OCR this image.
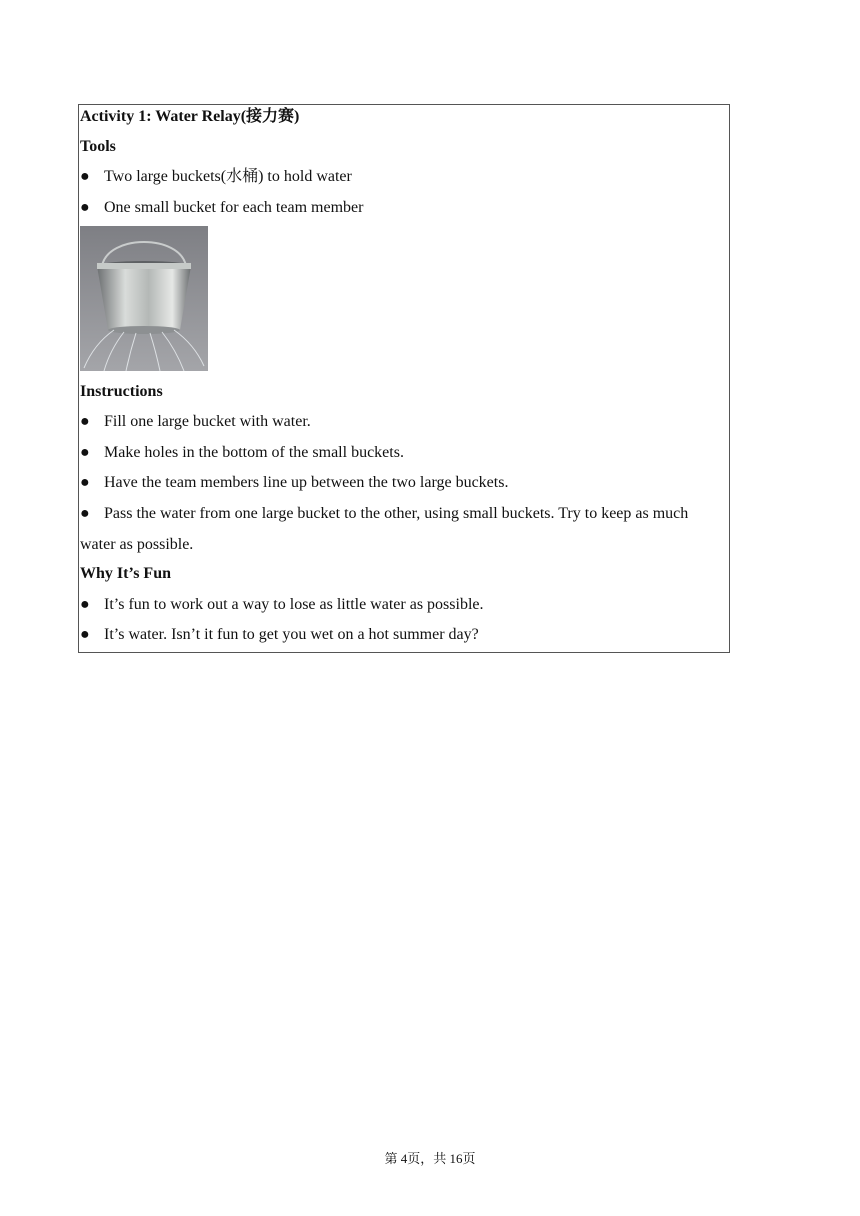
Activity 1: Water Relay(接力赛)
Tools
● Two large buckets(水桶) to hold water
● One small bucket for each team member
Instructions
● Fill one large bucket with water.
● Make holes in the bottom of the small buckets.
● Have the team members line up between the two large buckets.
● Pass the water from one large bucket to the other, using small buckets. Try to keep as much
water as possible.
Why It’s Fun
● It’s fun to work out a way to lose as little water as possible.
● It’s water. Isn’t it fun to get you wet on a hot summer day?
第 4页，共 16页
